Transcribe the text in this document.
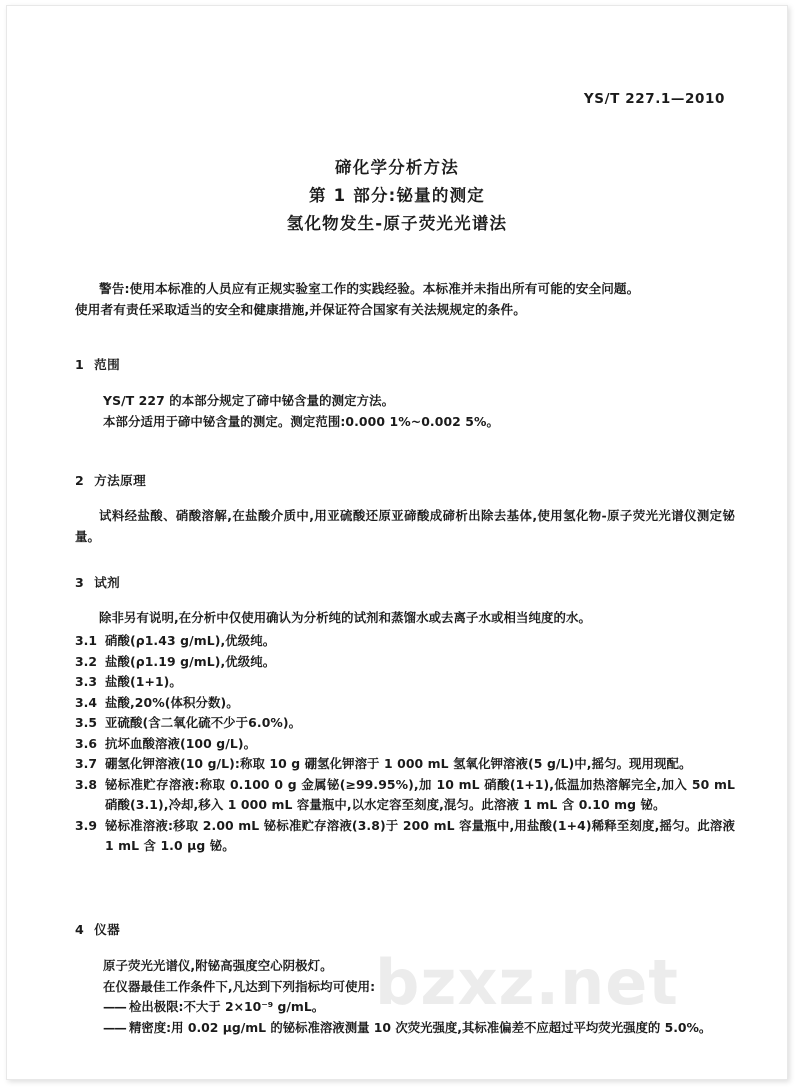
bzxz.net
YS/T 227.1—2010

碲化学分析方法

第 1 部分:铋量的测定

氢化物发生-原子荧光光谱法

警告:使用本标准的人员应有正规实验室工作的实践经验。本标准并未指出所有可能的安全问题。

使用者有责任采取适当的安全和健康措施,并保证符合国家有关法规规定的条件。

1 范围

YS/T 227 的本部分规定了碲中铋含量的测定方法。

本部分适用于碲中铋含量的测定。测定范围:0.000 1%~0.002 5%。

2 方法原理

试料经盐酸、硝酸溶解,在盐酸介质中,用亚硫酸还原亚碲酸成碲析出除去基体,使用氢化物-原子荧光光谱仪测定铋量。

3 试剂

除非另有说明,在分析中仅使用确认为分析纯的试剂和蒸馏水或去离子水或相当纯度的水。

3.1 硝酸(ρ1.43 g/mL),优级纯。
3.2 盐酸(ρ1.19 g/mL),优级纯。
3.3 盐酸(1+1)。
3.4 盐酸,20%(体积分数)。
3.5 亚硫酸(含二氧化硫不少于6.0%)。
3.6 抗坏血酸溶液(100 g/L)。
3.7 硼氢化钾溶液(10 g/L):称取 10 g 硼氢化钾溶于 1 000 mL 氢氧化钾溶液(5 g/L)中,摇匀。现用现配。
3.8 铋标准贮存溶液:称取 0.100 0 g 金属铋(≥99.95%),加 10 mL 硝酸(1+1),低温加热溶解完全,加入 50 mL 硝酸(3.1),冷却,移入 1 000 mL 容量瓶中,以水定容至刻度,混匀。此溶液 1 mL 含 0.10 mg 铋。
3.9 铋标准溶液:移取 2.00 mL 铋标准贮存溶液(3.8)于 200 mL 容量瓶中,用盐酸(1+4)稀释至刻度,摇匀。此溶液 1 mL 含 1.0 μg 铋。
4 仪器

原子荧光光谱仪,附铋高强度空心阴极灯。

在仪器最佳工作条件下,凡达到下列指标均可使用:

—— 检出极限:不大于 2×10⁻⁹ g/mL。
—— 精密度:用 0.02 μg/mL 的铋标准溶液测量 10 次荧光强度,其标准偏差不应超过平均荧光强度的 5.0%。
